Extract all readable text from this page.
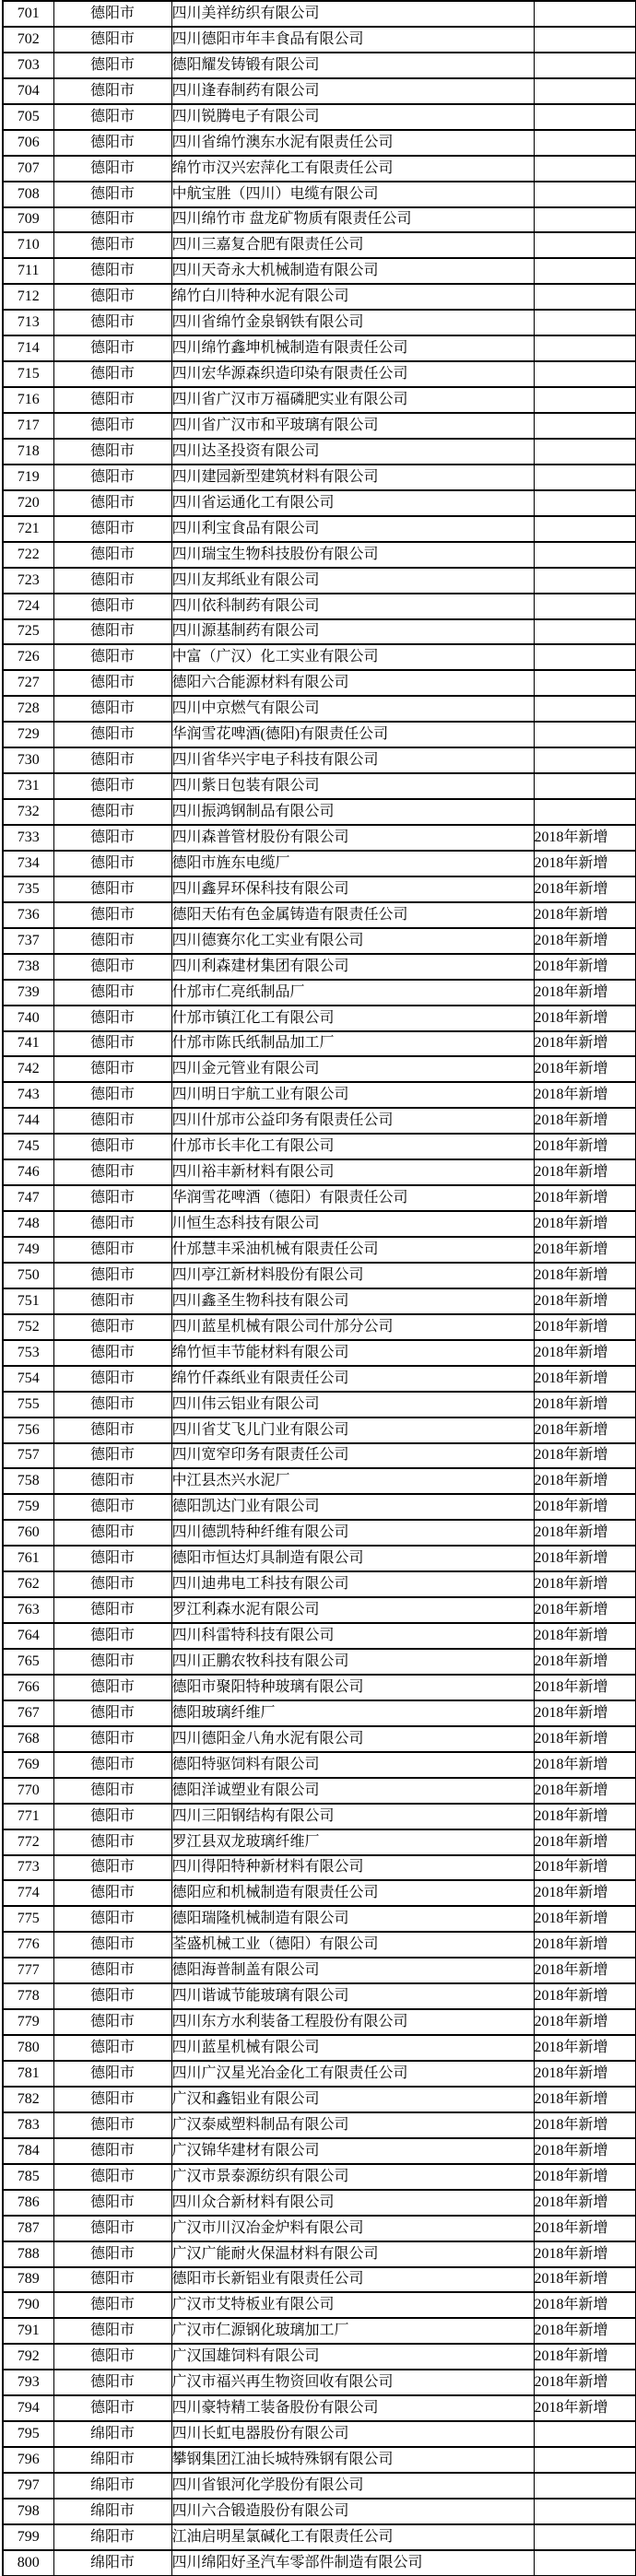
701	德阳市	四川美祥纺织有限公司	
702	德阳市	四川德阳市年丰食品有限公司	
703	德阳市	德阳耀发铸锻有限公司	
704	德阳市	四川逢春制药有限公司	
705	德阳市	四川锐腾电子有限公司	
706	德阳市	四川省绵竹澳东水泥有限责任公司	
707	德阳市	绵竹市汉兴宏萍化工有限责任公司	
708	德阳市	中航宝胜（四川）电缆有限公司	
709	德阳市	四川绵竹市 盘龙矿物质有限责任公司	
710	德阳市	四川三嘉复合肥有限责任公司	
711	德阳市	四川天奇永大机械制造有限公司	
712	德阳市	绵竹白川特种水泥有限公司	
713	德阳市	四川省绵竹金泉钢铁有限公司	
714	德阳市	四川绵竹鑫坤机械制造有限责任公司	
715	德阳市	四川宏华源森织造印染有限责任公司	
716	德阳市	四川省广汉市万福磷肥实业有限公司	
717	德阳市	四川省广汉市和平玻璃有限公司	
718	德阳市	四川达圣投资有限公司	
719	德阳市	四川建园新型建筑材料有限公司	
720	德阳市	四川省运通化工有限公司	
721	德阳市	四川利宝食品有限公司	
722	德阳市	四川瑞宝生物科技股份有限公司	
723	德阳市	四川友邦纸业有限公司	
724	德阳市	四川依科制药有限公司	
725	德阳市	四川源基制药有限公司	
726	德阳市	中富（广汉）化工实业有限公司	
727	德阳市	德阳六合能源材料有限公司	
728	德阳市	四川中京燃气有限公司	
729	德阳市	华润雪花啤酒(德阳)有限责任公司	
730	德阳市	四川省华兴宇电子科技有限公司	
731	德阳市	四川紫日包装有限公司	
732	德阳市	四川振鸿钢制品有限公司	
733	德阳市	四川森普管材股份有限公司	2018年新增
734	德阳市	德阳市旌东电缆厂	2018年新增
735	德阳市	四川鑫昇环保科技有限公司	2018年新增
736	德阳市	德阳天佑有色金属铸造有限责任公司	2018年新增
737	德阳市	四川德赛尔化工实业有限公司	2018年新增
738	德阳市	四川利森建材集团有限公司	2018年新增
739	德阳市	什邡市仁亮纸制品厂	2018年新增
740	德阳市	什邡市镇江化工有限公司	2018年新增
741	德阳市	什邡市陈氏纸制品加工厂	2018年新增
742	德阳市	四川金元管业有限公司	2018年新增
743	德阳市	四川明日宇航工业有限公司	2018年新增
744	德阳市	四川什邡市公益印务有限责任公司	2018年新增
745	德阳市	什邡市长丰化工有限公司	2018年新增
746	德阳市	四川裕丰新材料有限公司	2018年新增
747	德阳市	华润雪花啤酒（德阳）有限责任公司	2018年新增
748	德阳市	川恒生态科技有限公司	2018年新增
749	德阳市	什邡慧丰采油机械有限责任公司	2018年新增
750	德阳市	四川亭江新材料股份有限公司	2018年新增
751	德阳市	四川鑫圣生物科技有限公司	2018年新增
752	德阳市	四川蓝星机械有限公司什邡分公司	2018年新增
753	德阳市	绵竹恒丰节能材料有限公司	2018年新增
754	德阳市	绵竹仟森纸业有限责任公司	2018年新增
755	德阳市	四川伟云铝业有限公司	2018年新增
756	德阳市	四川省艾飞儿门业有限公司	2018年新增
757	德阳市	四川宽窄印务有限责任公司	2018年新增
758	德阳市	中江县杰兴水泥厂	2018年新增
759	德阳市	德阳凯达门业有限公司	2018年新增
760	德阳市	四川德凯特种纤维有限公司	2018年新增
761	德阳市	德阳市恒达灯具制造有限公司	2018年新增
762	德阳市	四川迪弗电工科技有限公司	2018年新增
763	德阳市	罗江利森水泥有限公司	2018年新增
764	德阳市	四川科雷特科技有限公司	2018年新增
765	德阳市	四川正鹏农牧科技有限公司	2018年新增
766	德阳市	德阳市聚阳特种玻璃有限公司	2018年新增
767	德阳市	德阳玻璃纤维厂	2018年新增
768	德阳市	四川德阳金八角水泥有限公司	2018年新增
769	德阳市	德阳特驱饲料有限公司	2018年新增
770	德阳市	德阳洋诚塑业有限公司	2018年新增
771	德阳市	四川三阳钢结构有限公司	2018年新增
772	德阳市	罗江县双龙玻璃纤维厂	2018年新增
773	德阳市	四川得阳特种新材料有限公司	2018年新增
774	德阳市	德阳应和机械制造有限责任公司	2018年新增
775	德阳市	德阳瑞隆机械制造有限公司	2018年新增
776	德阳市	荃盛机械工业（德阳）有限公司	2018年新增
777	德阳市	德阳海普制盖有限公司	2018年新增
778	德阳市	四川谐诚节能玻璃有限公司	2018年新增
779	德阳市	四川东方水利装备工程股份有限公司	2018年新增
780	德阳市	四川蓝星机械有限公司	2018年新增
781	德阳市	四川广汉星光冶金化工有限责任公司	2018年新增
782	德阳市	广汉和鑫铝业有限公司	2018年新增
783	德阳市	广汉泰威塑料制品有限公司	2018年新增
784	德阳市	广汉锦华建材有限公司	2018年新增
785	德阳市	广汉市景泰源纺织有限公司	2018年新增
786	德阳市	四川众合新材料有限公司	2018年新增
787	德阳市	广汉市川汉冶金炉料有限公司	2018年新增
788	德阳市	广汉广能耐火保温材料有限公司	2018年新增
789	德阳市	德阳市长新铝业有限责任公司	2018年新增
790	德阳市	广汉市艾特板业有限公司	2018年新增
791	德阳市	广汉市仁源钢化玻璃加工厂	2018年新增
792	德阳市	广汉国雄饲料有限公司	2018年新增
793	德阳市	广汉市福兴再生物资回收有限公司	2018年新增
794	德阳市	四川豪特精工装备股份有限公司	2018年新增
795	绵阳市	四川长虹电器股份有限公司	
796	绵阳市	攀钢集团江油长城特殊钢有限公司	
797	绵阳市	四川省银河化学股份有限公司	
798	绵阳市	四川六合锻造股份有限公司	
799	绵阳市	江油启明星氯碱化工有限责任公司	
800	绵阳市	四川绵阳好圣汽车零部件制造有限公司	
